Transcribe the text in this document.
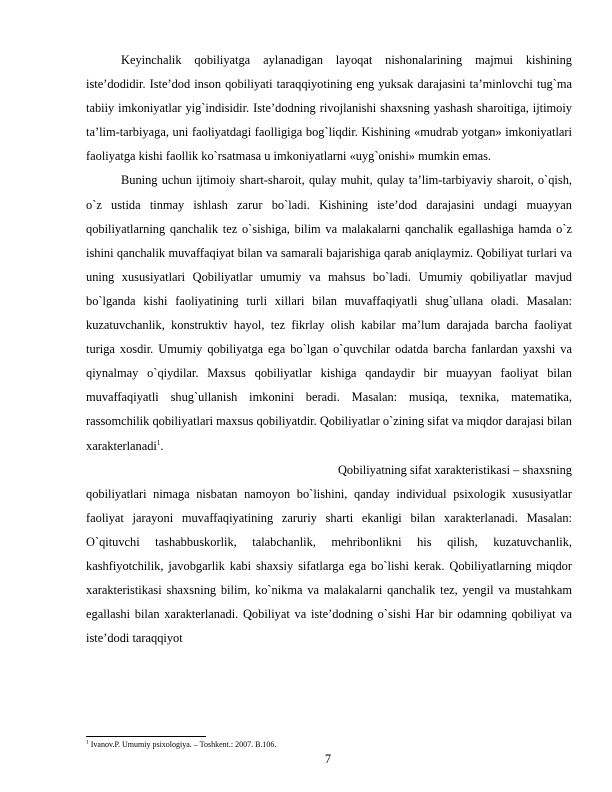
Keyinchalik qobiliyatga aylanadigan layoqat nishonalarining majmui kishining iste’dodidir. Iste’dod inson qobiliyati taraqqiyotining eng yuksak darajasini ta’minlovchi tug`ma tabiiy imkoniyatlar yig`indisidir. Iste’dodning rivojlanishi shaxsning yashash sharoitiga, ijtimoiy ta’lim-tarbiyaga, uni faoliyatdagi faolligiga bog`liqdir. Kishining «mudrab yotgan» imkoniyatlari faoliyatga kishi faollik ko`rsatmasa u imkoniyatlarni «uyg`onishi» mumkin emas.

Buning uchun ijtimoiy shart-sharoit, qulay muhit, qulay ta’lim-tarbiyaviy sharoit, o`qish, o`z ustida tinmay ishlash zarur bo`ladi. Kishining iste’dod darajasini undagi muayyan qobiliyatlarning qanchalik tez o`sishiga, bilim va malakalarni qanchalik egallashiga hamda o`z ishini qanchalik muvaffaqiyat bilan va samarali bajarishiga qarab aniqlaymiz. Qobiliyat turlari va uning xususiyatlari Qobiliyatlar umumiy va mahsus bo`ladi. Umumiy qobiliyatlar mavjud bo`lganda kishi faoliyatining turli xillari bilan muvaffaqiyatli shug`ullana oladi. Masalan: kuzatuvchanlik, konstruktiv hayol, tez fikrlay olish kabilar ma’lum darajada barcha faoliyat turiga xosdir. Umumiy qobiliyatga ega bo`lgan o`quvchilar odatda barcha fanlardan yaxshi va qiynalmay o`qiydilar. Maxsus qobiliyatlar kishiga qandaydir bir muayyan faoliyat bilan muvaffaqiyatli shug`ullanish imkonini beradi. Masalan: musiqa, texnika, matematika, rassomchilik qobiliyatlari maxsus qobiliyatdir. Qobiliyatlar o`zining sifat va miqdor darajasi bilan xarakterlanadi$^1$.

Qobiliyatning sifat xarakteristikasi – shaxsning
qobiliyatlari nimaga nisbatan namoyon bo`lishini, qanday individual psixologik xususiyatlar faoliyat jarayoni muvaffaqiyatining zaruriy sharti ekanligi bilan xarakterlanadi. Masalan: O`qituvchi tashabbuskorlik, talabchanlik, mehribonlikni his qilish, kuzatuvchanlik, kashfiyotchilik, javobgarlik kabi shaxsiy sifatlarga ega bo`lishi kerak. Qobiliyatlarning miqdor xarakteristikasi shaxsning bilim, ko`nikma va malakalarni qanchalik tez, yengil va mustahkam egallashi bilan xarakterlanadi. Qobiliyat va iste’dodning o`sishi Har bir odamning qobiliyat va iste’dodi taraqqiyot

$^1$ Ivanov.P. Umumiy psixologiya. – Toshkent.: 2007. B.106.
7
